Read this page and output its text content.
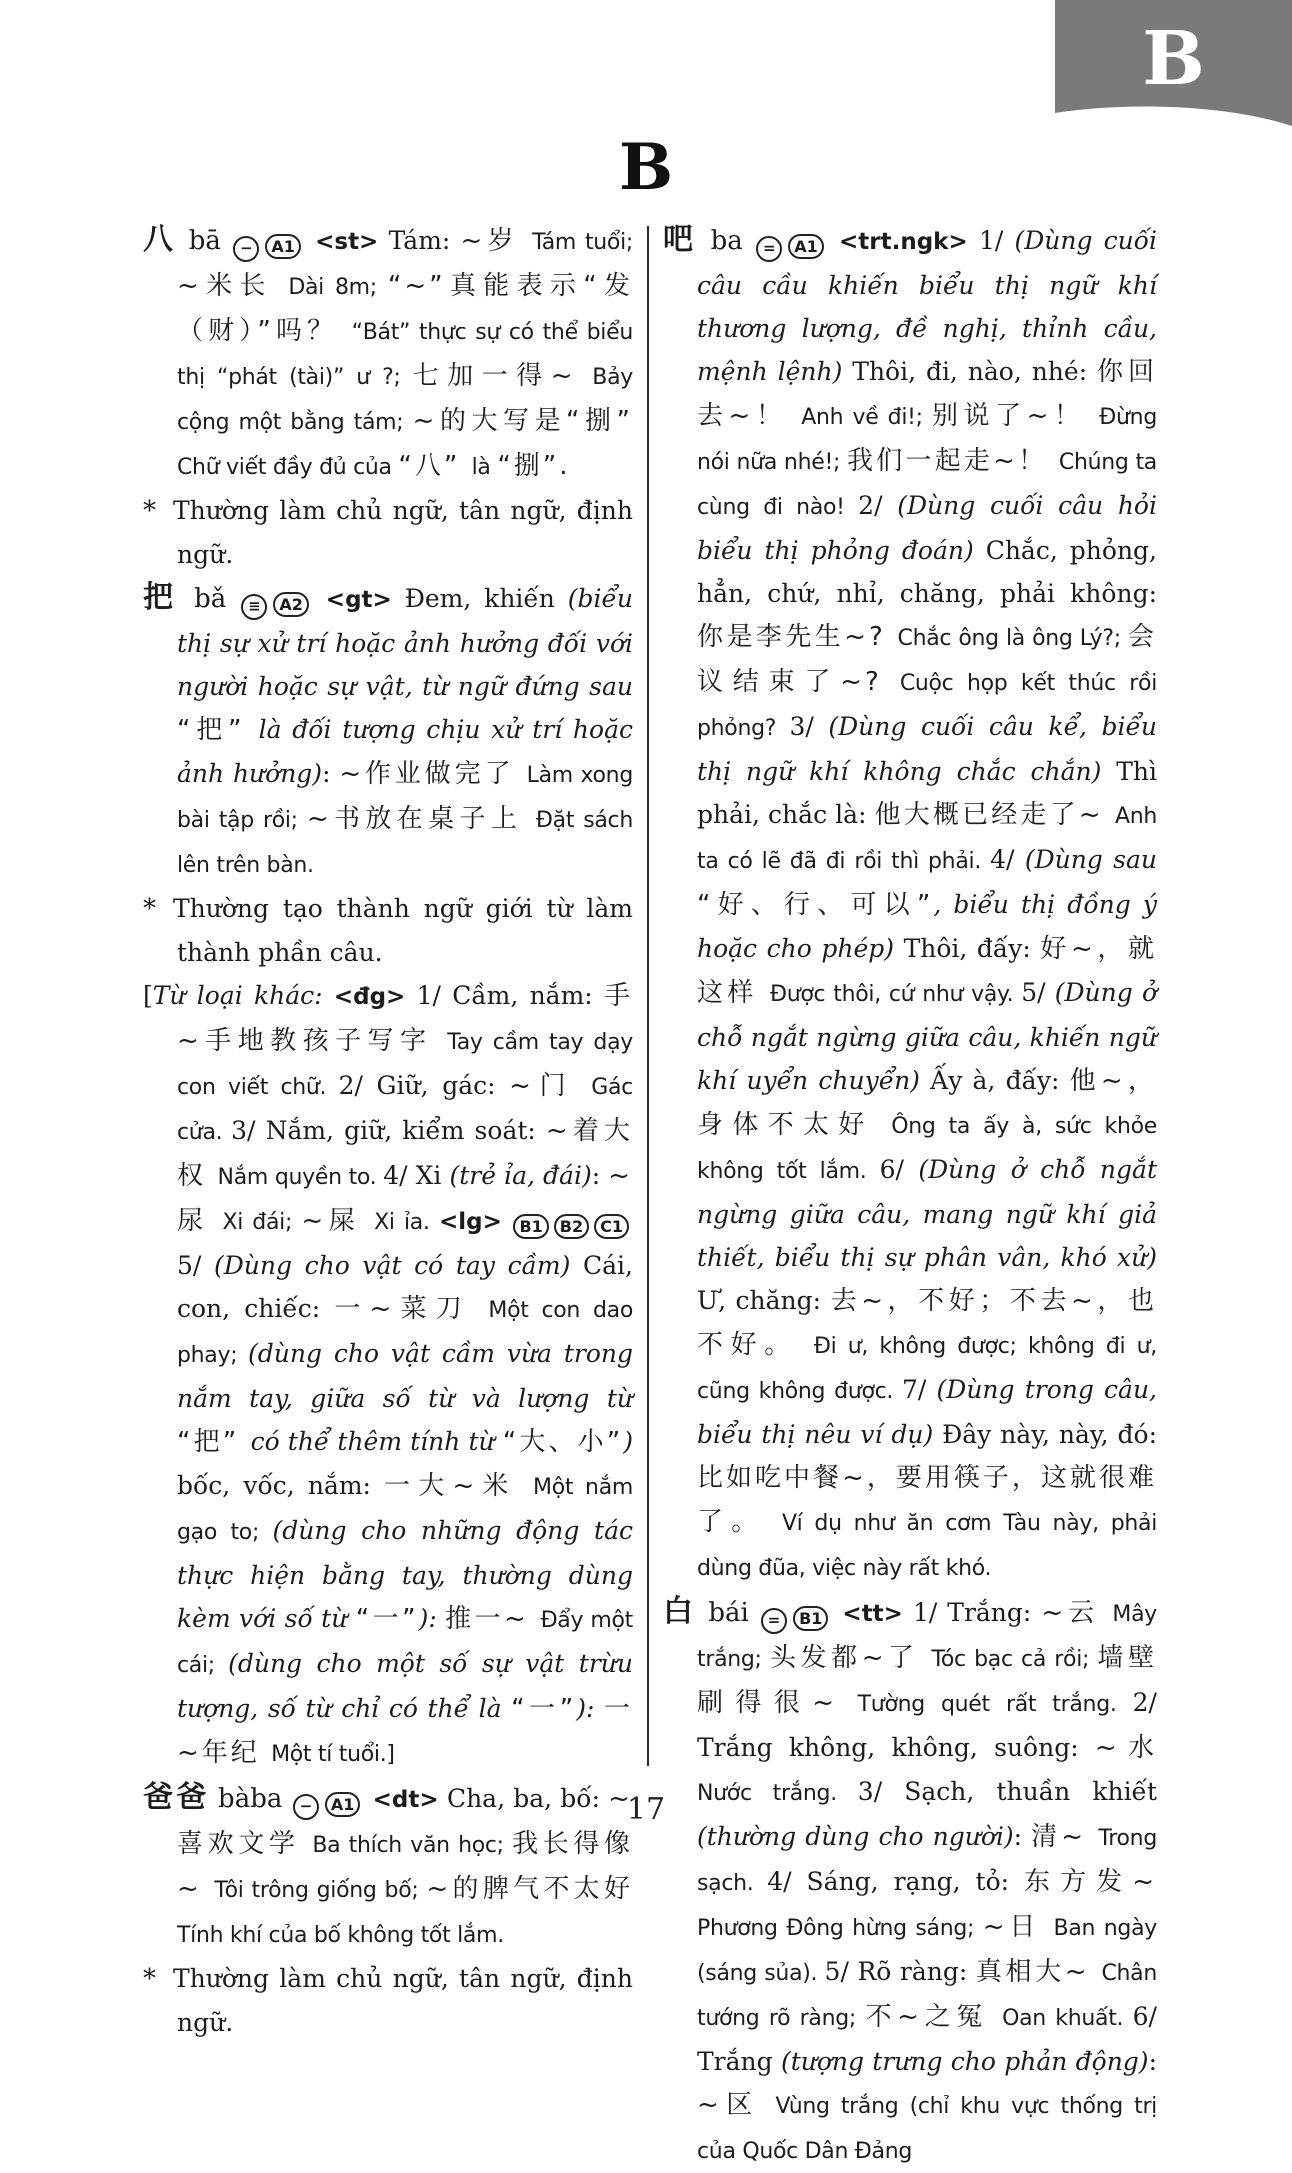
B
B

八 bā − A1 <st> Tám: ~岁 Tám tuổi; ~米长 Dài 8m; “~”真能表示“发（财）”吗？ “Bát” thực sự có thể biểu thị “phát (tài)” ư ?; 七加一得~ Bảy cộng một bằng tám; ~的大写是“捌” Chữ viết đầy đủ của “八” là “捌”.

* Thường làm chủ ngữ, tân ngữ, định ngữ.

把 bǎ ≡ A2 <gt> Đem, khiến (biểu thị sự xử trí hoặc ảnh hưởng đối với người hoặc sự vật, từ ngữ đứng sau “把” là đối tượng chịu xử trí hoặc ảnh hưởng): ~作业做完了 Làm xong bài tập rồi; ~书放在桌子上 Đặt sách lên trên bàn.

* Thường tạo thành ngữ giới từ làm thành phần câu.

[Từ loại khác: <đg> 1/ Cầm, nắm: 手~手地教孩子写字 Tay cầm tay dạy con viết chữ. 2/ Giữ, gác: ~门 Gác cửa. 3/ Nắm, giữ, kiểm soát: ~着大权 Nắm quyền to. 4/ Xi (trẻ ỉa, đái): ~尿 Xi đái; ~屎 Xi ỉa. <lg> B1 B2 C1 5/ (Dùng cho vật có tay cầm) Cái, con, chiếc: 一~菜刀 Một con dao phay; (dùng cho vật cầm vừa trong nắm tay, giữa số từ và lượng từ “把” có thể thêm tính từ “大、小”) bốc, vốc, nắm: 一大~米 Một nắm gạo to; (dùng cho những động tác thực hiện bằng tay, thường dùng kèm với số từ “一”): 推一~ Đẩy một cái; (dùng cho một số sự vật trừu tượng, số từ chỉ có thể là “一”): 一~年纪 Một tí tuổi.]

爸爸 bàba − A1 <dt> Cha, ba, bố: ~喜欢文学 Ba thích văn học; 我长得像~ Tôi trông giống bố; ~的脾气不太好 Tính khí của bố không tốt lắm.

* Thường làm chủ ngữ, tân ngữ, định ngữ.

吧 ba = A1 <trt.ngk> 1/ (Dùng cuối câu cầu khiến biểu thị ngữ khí thương lượng, đề nghị, thỉnh cầu, mệnh lệnh) Thôi, đi, nào, nhé: 你回去~！ Anh về đi!; 别说了~！ Đừng nói nữa nhé!; 我们一起走~！ Chúng ta cùng đi nào! 2/ (Dùng cuối câu hỏi biểu thị phỏng đoán) Chắc, phỏng, hẳn, chứ, nhỉ, chăng, phải không: 你是李先生~? Chắc ông là ông Lý?; 会议结束了~? Cuộc họp kết thúc rồi phỏng? 3/ (Dùng cuối câu kể, biểu thị ngữ khí không chắc chắn) Thì phải, chắc là: 他大概已经走了~ Anh ta có lẽ đã đi rồi thì phải. 4/ (Dùng sau “好、行、可以”, biểu thị đồng ý hoặc cho phép) Thôi, đấy: 好~，就这样 Được thôi, cứ như vậy. 5/ (Dùng ở chỗ ngắt ngừng giữa câu, khiến ngữ khí uyển chuyển) Ấy à, đấy: 他~，身体不太好 Ông ta ấy à, sức khỏe không tốt lắm. 6/ (Dùng ở chỗ ngắt ngừng giữa câu, mang ngữ khí giả thiết, biểu thị sự phân vân, khó xử) Ư, chăng: 去~，不好；不去~，也不好。 Đi ư, không được; không đi ư, cũng không được. 7/ (Dùng trong câu, biểu thị nêu ví dụ) Đây này, này, đó: 比如吃中餐~，要用筷子，这就很难了。 Ví dụ như ăn cơm Tàu này, phải dùng đũa, việc này rất khó.

白 bái = B1 <tt> 1/ Trắng: ~云 Mây trắng; 头发都~了 Tóc bạc cả rồi; 墙壁刷得很~ Tường quét rất trắng. 2/ Trắng không, không, suông: ~水 Nước trắng. 3/ Sạch, thuần khiết (thường dùng cho người): 清~ Trong sạch. 4/ Sáng, rạng, tỏ: 东方发~ Phương Đông hừng sáng; ~日 Ban ngày (sáng sủa). 5/ Rõ ràng: 真相大~ Chân tướng rõ ràng; 不~之冤 Oan khuất. 6/ Trắng (tượng trưng cho phản động): ~区 Vùng trắng (chỉ khu vực thống trị của Quốc Dân Đảng

17
